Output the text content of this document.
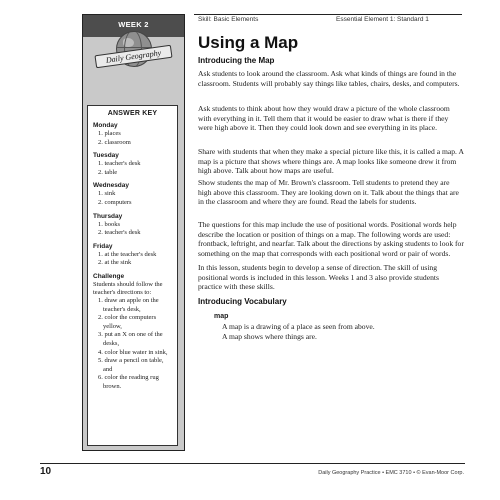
WEEK 2
Daily Geography
ANSWER KEY
Monday
1. places
2. classroom
Tuesday
1. teacher's desk
2. table
Wednesday
1. sink
2. computers
Thursday
1. books
2. teacher's desk
Friday
1. at the teacher's desk
2. at the sink
Challenge

Students should follow the teacher's directions to:

1. draw an apple on the teacher's desk,
2. color the computers yellow,
3. put an X on one of the desks,
4. color blue water in sink,
5. draw a pencil on table, and
6. color the reading rug brown.
Skill: Basic Elements	Essential Element 1: Standard 1
Using a Map
Introducing the Map

Ask students to look around the classroom. Ask what kinds of things are found in the classroom. Students will probably say things like tables, chairs, desks, and computers.

Ask students to think about how they would draw a picture of the whole classroom with everything in it. Tell them that it would be easier to draw what is there if they were high above it. Then they could look down and see everything in its place.

Share with students that when they make a special picture like this, it is called a map. A map is a picture that shows where things are. A map looks like someone drew it from high above. Talk about how maps are useful.

Show students the map of Mr. Brown's classroom. Tell students to pretend they are high above this classroom. They are looking down on it. Talk about the things that are in the classroom and where they are found. Read the labels for students.

The questions for this map include the use of positional words. Positional words help describe the location or position of things on a map. The following words are used: frontback, leftright, and nearfar. Talk about the directions by asking students to look for something on the map that corresponds with each positional word or pair of words.

In this lesson, students begin to develop a sense of direction. The skill of using positional words is included in this lesson. Weeks 1 and 3 also provide students practice with these skills.

Introducing Vocabulary

map

A map is a drawing of a place as seen from above.

A map shows where things are.

10	Daily Geography Practice • EMC 3710 • © Evan-Moor Corp.
